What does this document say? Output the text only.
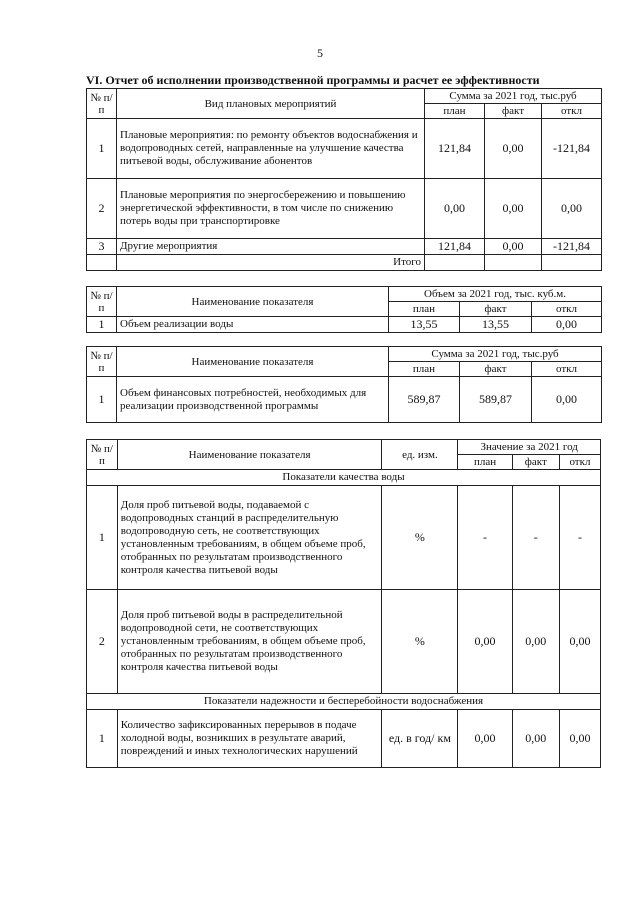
5
VI. Отчет об исполнении производственной программы и расчет ее эффективности
№ п/п	Вид плановых мероприятий	Сумма за 2021 год, тыс.руб		
		план	факт	откл
1	Плановые мероприятия: по ремонту объектов водоснабжения и водопроводных сетей, направленные на улучшение качества питьевой воды, обслуживание абонентов	121,84	0,00	-121,84
2	Плановые мероприятия по энергосбережению и повышению энергетической эффективности, в том числе по снижению потерь воды при транспортировке	0,00	0,00	0,00
3	Другие мероприятия	121,84	0,00	-121,84
	Итого			
№ п/п	Наименование показателя	Объем за 2021 год, тыс. куб.м.		
		план	факт	откл
1	Объем реализации воды	13,55	13,55	0,00
№ п/п	Наименование показателя	Сумма за 2021 год, тыс.руб		
		план	факт	откл
1	Объем финансовых потребностей, необходимых для реализации производственной программы	589,87	589,87	0,00
№ п/п	Наименование показателя	ед. изм.	Значение за 2021 год		
			план	факт	откл
Показатели качества воды					
1	Доля проб питьевой воды, подаваемой с водопроводных станций в распределительную водопроводную сеть, не соответствующих установленным требованиям, в общем объеме проб, отобранных по результатам производственного контроля качества питьевой воды	%	-	-	-
2	Доля проб питьевой воды в распределительной водопроводной сети, не соответствующих установленным требованиям, в общем объеме проб, отобранных по результатам производственного контроля качества питьевой воды	%	0,00	0,00	0,00
Показатели надежности и бесперебойности водоснабжения					
1	Количество зафиксированных перерывов в подаче холодной воды, возникших в результате аварий, повреждений и иных технологических нарушений	ед. в год/ км	0,00	0,00	0,00
